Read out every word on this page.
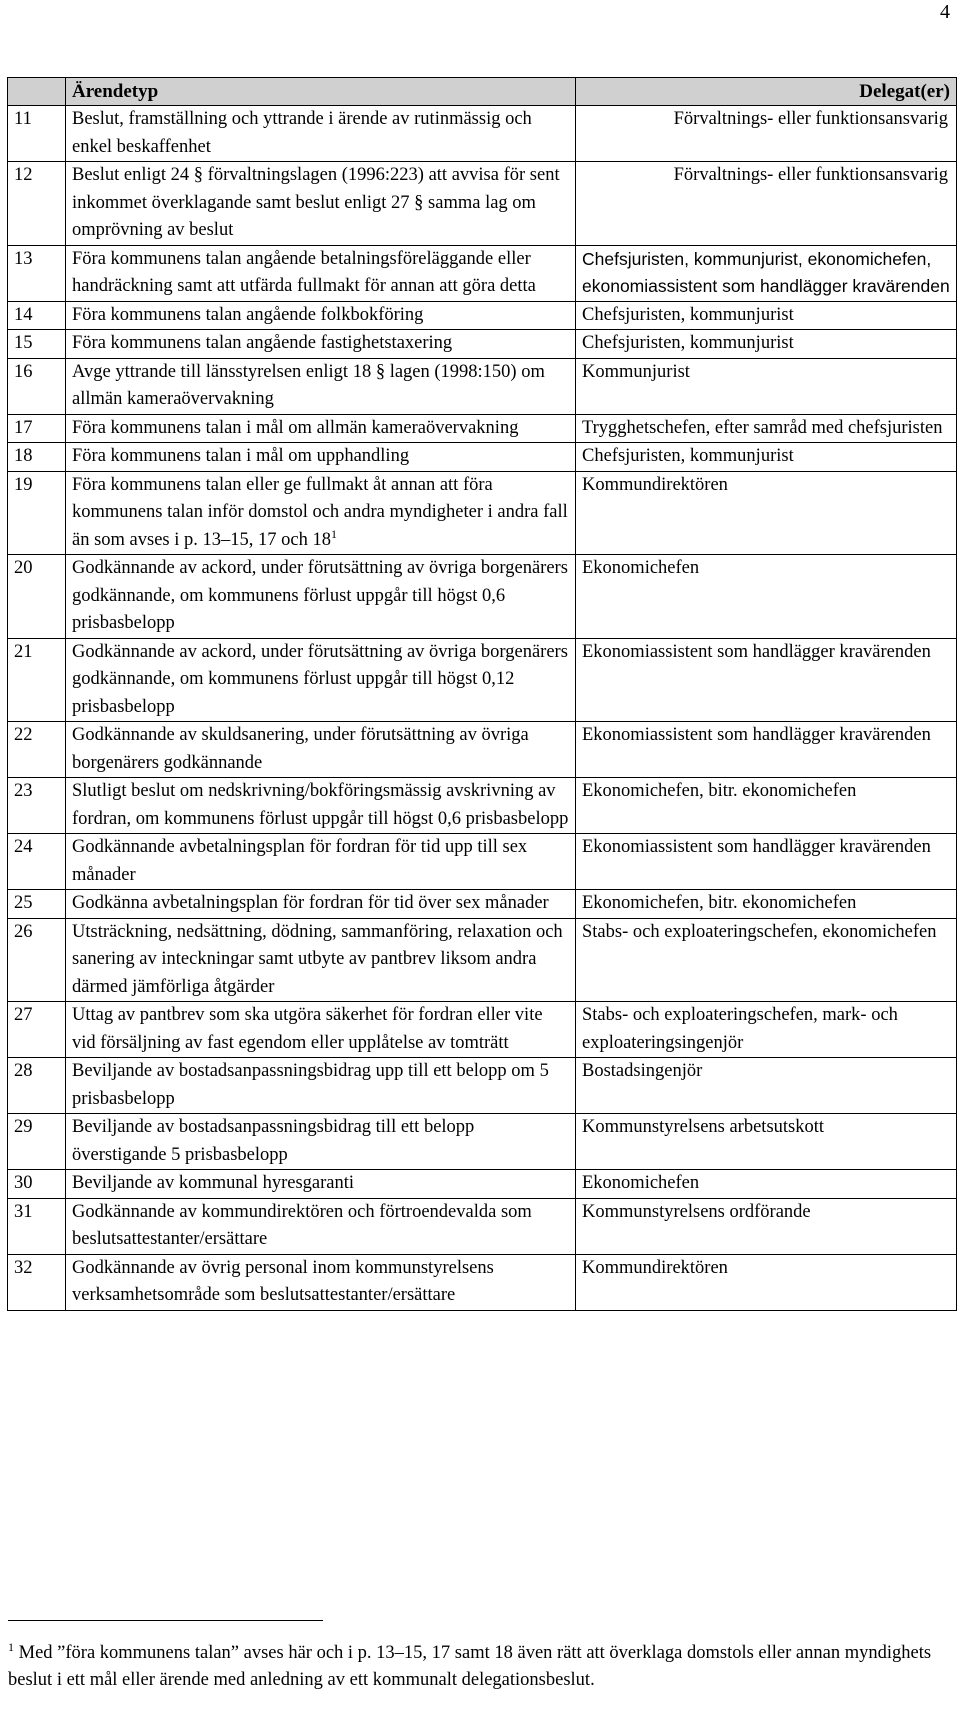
4
	Ärendetyp	Delegat(er)
11	Beslut, framställning och yttrande i ärende av rutinmässig och enkel beskaffenhet	Förvaltnings- eller funktionsansvarig
12	Beslut enligt 24 § förvaltningslagen (1996:223) att avvisa för sent inkommet överklagande samt beslut enligt 27 § samma lag om omprövning av beslut	Förvaltnings- eller funktionsansvarig
13	Föra kommunens talan angående betalningsföreläggande eller handräckning samt att utfärda fullmakt för annan att göra detta	Chefsjuristen, kommunjurist, ekonomichefen, ekonomiassistent som handlägger kravärenden
14	Föra kommunens talan angående folkbokföring	Chefsjuristen, kommunjurist
15	Föra kommunens talan angående fastighetstaxering	Chefsjuristen, kommunjurist
16	Avge yttrande till länsstyrelsen enligt 18 § lagen (1998:150) om allmän kameraövervakning	Kommunjurist
17	Föra kommunens talan i mål om allmän kameraövervakning	Trygghetschefen, efter samråd med chefsjuristen
18	Föra kommunens talan i mål om upphandling	Chefsjuristen, kommunjurist
19	Föra kommunens talan eller ge fullmakt åt annan att föra kommunens talan inför domstol och andra myndigheter i andra fall än som avses i p. 13–15, 17 och $18^1$	Kommundirektören
20	Godkännande av ackord, under förutsättning av övriga borgenärers godkännande, om kommunens förlust uppgår till högst 0,6 prisbasbelopp	Ekonomichefen
21	Godkännande av ackord, under förutsättning av övriga borgenärers godkännande, om kommunens förlust uppgår till högst 0,12 prisbasbelopp	Ekonomiassistent som handlägger kravärenden
22	Godkännande av skuldsanering, under förutsättning av övriga borgenärers godkännande	Ekonomiassistent som handlägger kravärenden
23	Slutligt beslut om nedskrivning/bokföringsmässig avskrivning av fordran, om kommunens förlust uppgår till högst 0,6 prisbasbelopp	Ekonomichefen, bitr. ekonomichefen
24	Godkännande avbetalningsplan för fordran för tid upp till sex månader	Ekonomiassistent som handlägger kravärenden
25	Godkänna avbetalningsplan för fordran för tid över sex månader	Ekonomichefen, bitr. ekonomichefen
26	Utsträckning, nedsättning, dödning, sammanföring, relaxation och sanering av inteckningar samt utbyte av pantbrev liksom andra därmed jämförliga åtgärder	Stabs- och exploateringschefen, ekonomichefen
27	Uttag av pantbrev som ska utgöra säkerhet för fordran eller vite vid försäljning av fast egendom eller upplåtelse av tomträtt	Stabs- och exploateringschefen, mark- och exploateringsingenjör
28	Beviljande av bostadsanpassningsbidrag upp till ett belopp om 5 prisbasbelopp	Bostadsingenjör
29	Beviljande av bostadsanpassningsbidrag till ett belopp överstigande 5 prisbasbelopp	Kommunstyrelsens arbetsutskott
30	Beviljande av kommunal hyresgaranti	Ekonomichefen
31	Godkännande av kommundirektören och förtroendevalda som beslutsattestanter/ersättare	Kommunstyrelsens ordförande
32	Godkännande av övrig personal inom kommunstyrelsens verksamhetsområde som beslutsattestanter/ersättare	Kommundirektören
$^1$ Med ”föra kommunens talan” avses här och i p. 13–15, 17 samt 18 även rätt att överklaga domstols eller annan myndighets beslut i ett mål eller ärende med anledning av ett kommunalt delegationsbeslut.
